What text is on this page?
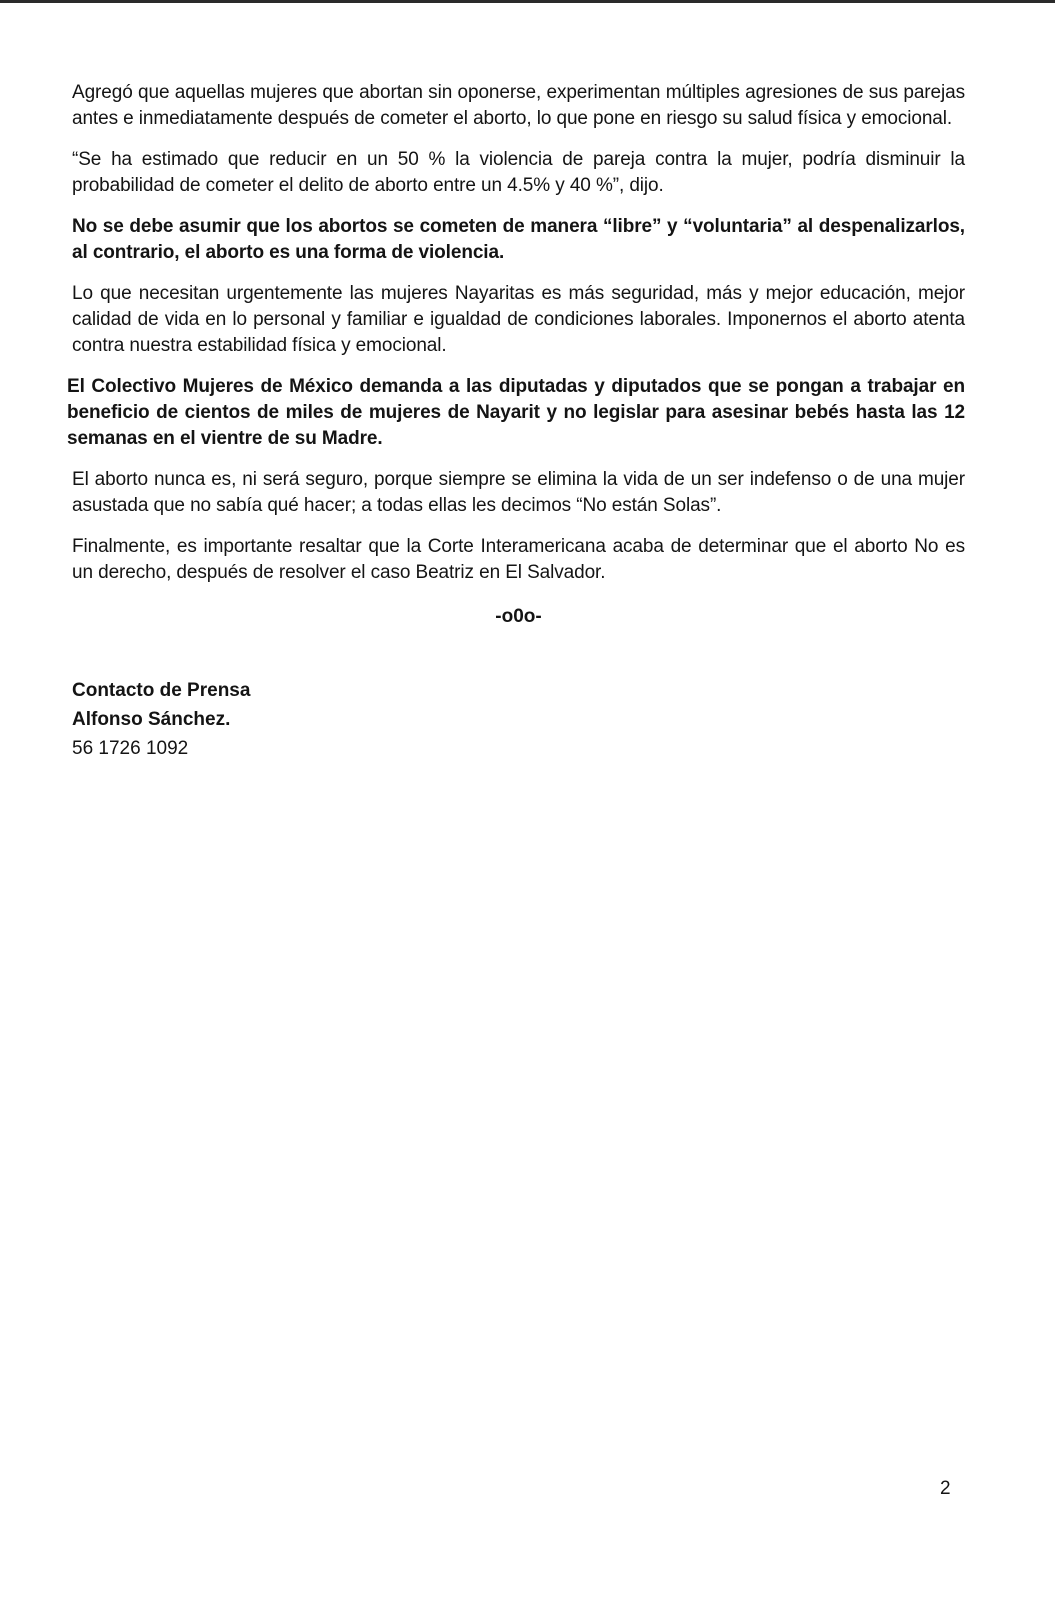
Agregó que aquellas mujeres que abortan sin oponerse, experimentan múltiples agresiones de sus parejas antes e inmediatamente después de cometer el aborto, lo que pone en riesgo su salud física y emocional.

“Se ha estimado que reducir en un 50 % la violencia de pareja contra la mujer, podría disminuir la probabilidad de cometer el delito de aborto entre un 4.5% y 40 %”, dijo.

No se debe asumir que los abortos se cometen de manera “libre” y “voluntaria” al despenalizarlos, al contrario, el aborto es una forma de violencia.

Lo que necesitan urgentemente las mujeres Nayaritas es más seguridad, más y mejor educación, mejor calidad de vida en lo personal y familiar e igualdad de condiciones laborales. Imponernos el aborto atenta contra nuestra estabilidad física y emocional.

El Colectivo Mujeres de México demanda a las diputadas y diputados que se pongan a trabajar en beneficio de cientos de miles de mujeres de Nayarit y no legislar para asesinar bebés hasta las 12 semanas en el vientre de su Madre.

El aborto nunca es, ni será seguro, porque siempre se elimina la vida de un ser indefenso o de una mujer asustada que no sabía qué hacer; a todas ellas les decimos “No están Solas”.

Finalmente, es importante resaltar que la Corte Interamericana acaba de determinar que el aborto No es un derecho, después de resolver el caso Beatriz en El Salvador.

-o0o-
Contacto de Prensa
Alfonso Sánchez.
56 1726 1092
2
